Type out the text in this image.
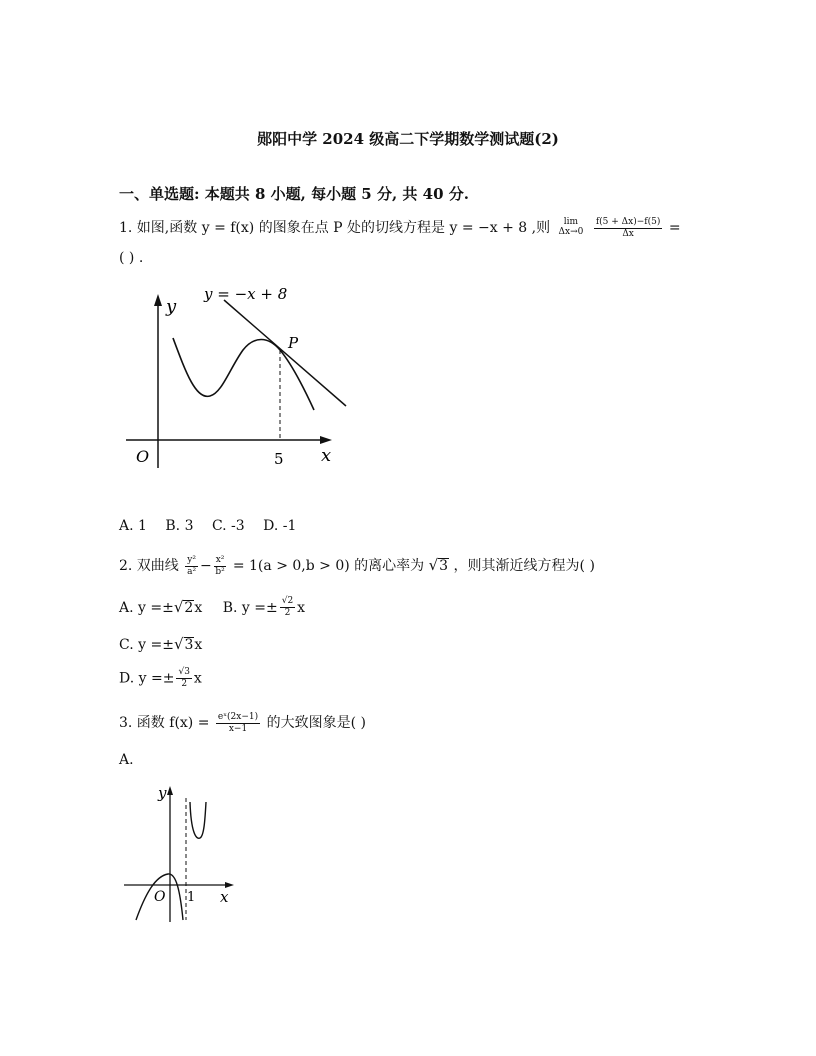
郧阳中学 2024 级高二下学期数学测试题(2)
一、单选题: 本题共 8 小题, 每小题 5 分, 共 40 分.
1. 如图,函数 y = f(x) 的图象在点 P 处的切线方程是 y = −x + 8 ,则	lim
Δx→0
$\frac{f(5 + \Delta x)-f(5)}{\Delta x}$ =
( ) .
y = −x + 8
y
x
O
P
5
A. 1 B. 3 C. -3 D. -1
2. 双曲线 $\frac{\text{y²}}{\text{a²}} - \frac{\text{x²}}{\text{b²}} = 1(a > 0,b > 0)$ 的离心率为 √3 ，则其渐近线方程为( )
A. y =±√2x B. $y =\pm \frac{√2}{2}$ x
C. y =±√3x
D. $y =\pm \frac{√3}{2}$ x
3. 函数 $f(x) = \frac{\text{eˣ(2x−1)}}{x-1}$ 的大致图象是( )
A.
y
x
O 1
